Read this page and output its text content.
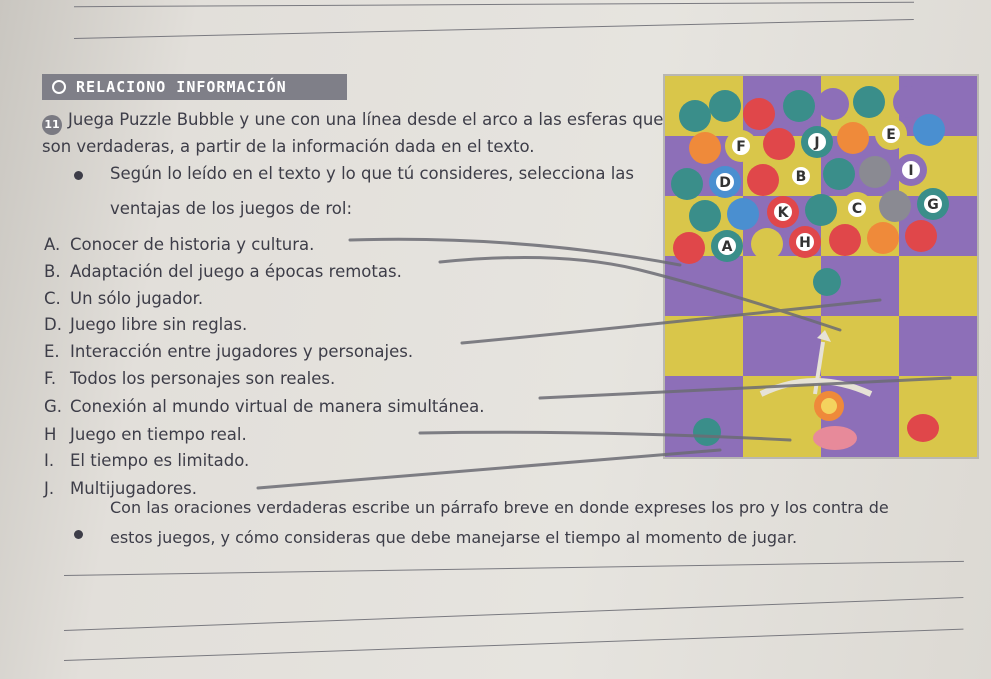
RELACIONO INFORMACIÓN
11 Juega Puzzle Bubble y une con una línea desde el arco a las esferas que
son verdaderas, a partir de la información dada en el texto.
Según lo leído en el texto y lo que tú consideres, selecciona las
ventajas de los juegos de rol:
A. Conocer de historia y cultura.
B. Adaptación del juego a épocas remotas.
C. Un sólo jugador.
D. Juego libre sin reglas.
E. Interacción entre jugadores y personajes.
F. Todos los personajes son reales.
G. Conexión al mundo virtual de manera simultánea.
H Juego en tiempo real.
I. El tiempo es limitado.
J. Multijugadores.
Con las oraciones verdaderas escribe un párrafo breve en donde expreses los pro y los contra de
estos juegos, y cómo consideras que debe manejarse el tiempo al momento de jugar.
F	J	E
D	B	I
K	C	G
A	H
